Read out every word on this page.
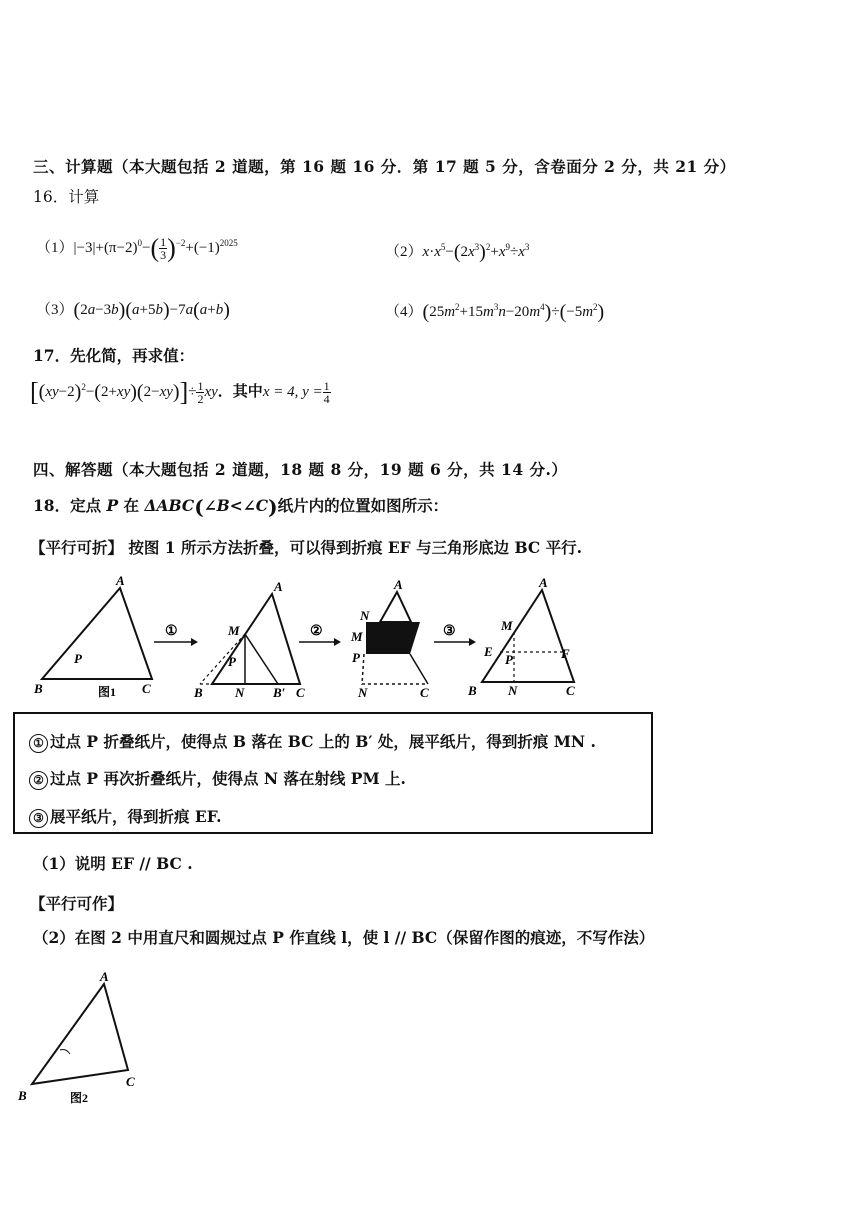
三、计算题（本大题包括 2 道题，第 16 题 16 分．第 17 题 5 分，含卷面分 2 分，共 21 分）
16．计算
$(1)|-3|+(\pi-2)^0-( \frac{1}{3} )^{-2}+(-1)^{2025}$
$(2)x\cdot x^5-(2x^3)^2+x^9\div x^3$
（3）(2a−3b)(a+5b)−7a(a+b)	$(4)(25m^2+15m^3n-20m^4)\div(-5m^2)$
17．先化简，再求值：
$[(xy-2)^2-(2+xy)(2-xy)]\div \frac{1}{2}$ xy．其中x = 4, $y = \frac{1}{4}$
四、解答题（本大题包括 2 道题，18 题 8 分，19 题 6 分，共 14 分.）
18．定点 P 在 ΔABC(∠B<∠C)纸片内的位置如图所示：
【平行可折】 按图 1 所示方法折叠，可以得到折痕 EF 与三角形底边 BC 平行.
A
B	C
P
图1
①
A
M
P
B N B′ C
②
A
N
M
P
N	C
③
A
M
E
P	F
B N	C
① 过点 P 折叠纸片，使得点 B 落在 BC 上的 B′ 处，展平纸片，得到折痕 MN .
② 过点 P 再次折叠纸片，使得点 N 落在射线 PM 上.
③ 展平纸片，得到折痕 EF.
（1）说明 EF // BC .
【平行可作】
（2）在图 2 中用直尺和圆规过点 P 作直线 l，使 l // BC（保留作图的痕迹，不写作法）
A
B
C
图2
